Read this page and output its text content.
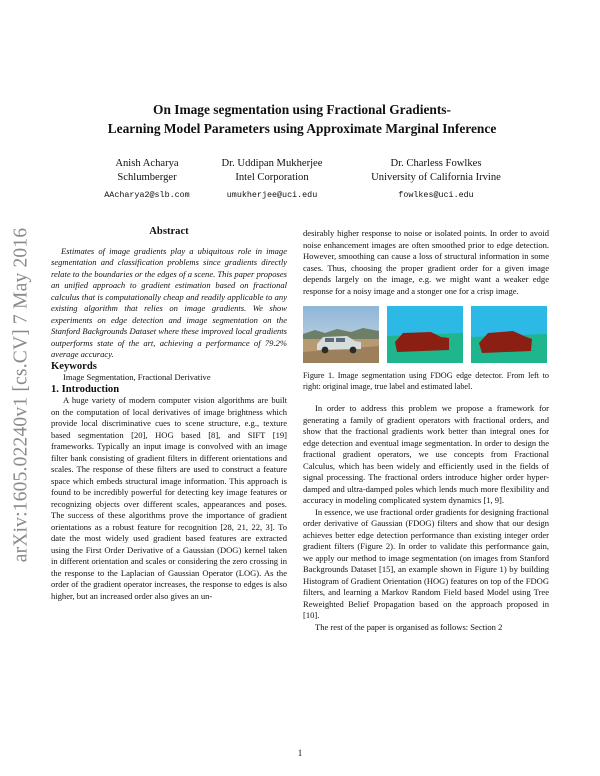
arXiv:1605.02240v1 [cs.CV] 7 May 2016
On Image segmentation using Fractional Gradients-
Learning Model Parameters using Approximate Marginal Inference
Anish Acharya
Schlumberger
AAcharya2@slb.com
Dr. Uddipan Mukherjee
Intel Corporation
umukherjee@uci.edu
Dr. Charless Fowlkes
University of California Irvine
fowlkes@uci.edu
Abstract

Estimates of image gradients play a ubiquitous role in image segmentation and classification problems since gradients directly relate to the boundaries or the edges of a scene. This paper proposes an unified approach to gradient estimation based on fractional calculus that is computationally cheap and readily applicable to any existing algorithm that relies on image gradients. We show experiments on edge detection and image segmentation on the Stanford Backgrounds Dataset where these improved local gradients outperforms state of the art, achieving a performance of 79.2% average accuracy.

Keywords

Image Segmentation, Fractional Derivative

1. Introduction

A huge variety of modern computer vision algorithms are built on the computation of local derivatives of image brightness which provide local discriminative cues to scene structure, e.g., texture based segmentation [20], HOG based [8], and SIFT [19] frameworks. Typically an input image is convolved with an image filter bank consisting of gradient filters in different orientations and scales. The response of these filters are used to construct a feature space which embeds structural image information. This approach is found to be incredibly powerful for detecting key image features or recognizing objects over different scales, appearances and poses. The success of these algorithms prove the importance of gradient orientations as a robust feature for recognition [28, 21, 22, 3]. To date the most widely used gradient based features are extracted using the First Order Derivative of a Gaussian (DOG) kernel taken in different orientation and scales or considering the zero crossing in the response to the Laplacian of Gaussian Operator (LOG). As the order of the gradient operator increases, the response to edges is also higher, but an increased order also gives an un-

desirably higher response to noise or isolated points. In order to avoid noise enhancement images are often smoothed prior to edge detection. However, smoothing can cause a loss of structural information in some cases. Thus, choosing the proper gradient order for a given image depends largely on the image, e.g. we might want a weaker edge response for a noisy image and a stonger one for a crisp image.

Figure 1. Image segmentation using FDOG edge detector. From left to right: original image, true label and estimated label.

In order to address this problem we propose a framework for generating a family of gradient operators with fractional orders, and show that the fractional gradients work better than integral ones for edge detection and eventual image segmentation. In order to design the fractional gradient operators, we use concepts from Fractional Calculus, which has been widely and efficiently used in the fields of signal processing. The fractional orders introduce higher order hyper-damped and ultra-damped poles which lends much more flexibility and accuracy in modeling complicated system dynamics [1, 9].

In essence, we use fractional order gradients for designing fractional order derivative of Gaussian (FDOG) filters and show that our design achieves better edge detection performance than existing integer order gradient filters (Figure 2). In order to validate this performance gain, we apply our method to image segmentation (on images from Stanford Backgrounds Dataset [15], an example shown in Figure 1) by building Histogram of Gradient Orientation (HOG) features on top of the FDOG filters, and learning a Markov Random Field based Model using Tree Reweighted Belief Propagation based on the approach proposed in [10].

The rest of the paper is organised as follows: Section 2

1
